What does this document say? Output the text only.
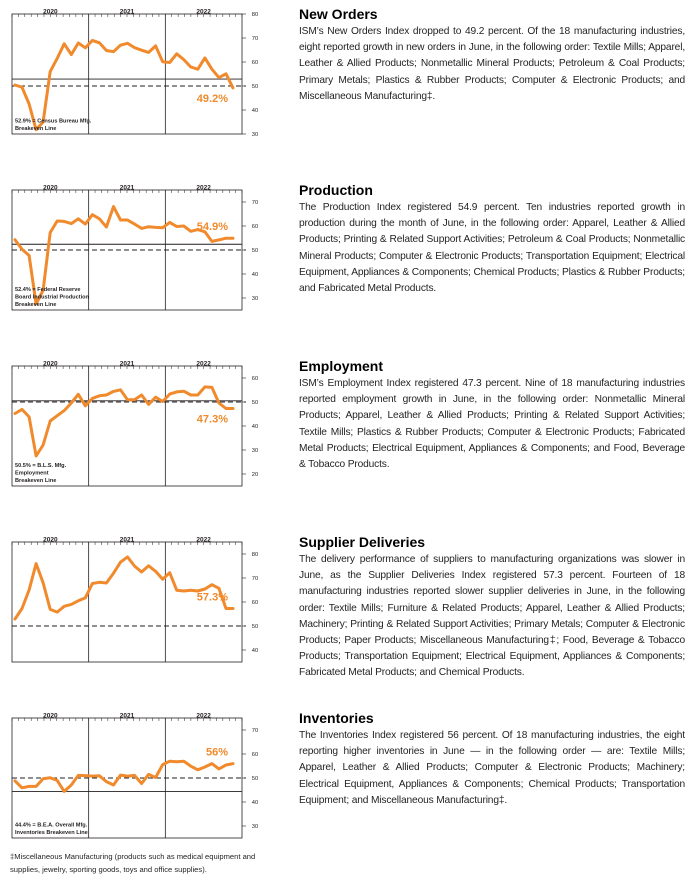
2020	2021	2022
30
40
50
60
70
80
49.2%
52.9% = Census Bureau Mfg.
Breakeven Line
New Orders

ISM’s New Orders Index dropped to 49.2 percent. Of the 18 manufacturing industries, eight reported growth in new orders in June, in the following order: Textile Mills; Apparel, Leather & Allied Products; Nonmetallic Mineral Products; Petroleum & Coal Products; Primary Metals; Plastics & Rubber Products; Computer & Electronic Products; and Miscellaneous Manufacturing‡.

2020	2021	2022
30
40
50
60
70
54.9%
52.4% = Federal Reserve
Board Industrial Production
Breakeven Line
Production

The Production Index registered 54.9 percent. Ten industries reported growth in production during the month of June, in the following order: Apparel, Leather & Allied Products; Printing & Related Support Activities; Petroleum & Coal Products; Nonmetallic Mineral Products; Computer & Electronic Products; Transportation Equipment; Electrical Equipment, Appliances & Components; Chemical Products; Plastics & Rubber Products; and Fabricated Metal Products.

2020	2021	2022
20
30
40
50
60
47.3%
50.5% = B.L.S. Mfg.
Employment
Breakeven Line
Employment

ISM’s Employment Index registered 47.3 percent. Nine of 18 manufacturing industries reported employment growth in June, in the following order: Nonmetallic Mineral Products; Apparel, Leather & Allied Products; Printing & Related Support Activities; Textile Mills; Plastics & Rubber Products; Computer & Electronic Products; Fabricated Metal Products; Electrical Equipment, Appliances & Components; and Food, Beverage & Tobacco Products.

2020	2021	2022
40
50
60
70
80
57.3%
Supplier Deliveries

The delivery performance of suppliers to manufacturing organizations was slower in June, as the Supplier Deliveries Index registered 57.3 percent. Fourteen of 18 manufacturing industries reported slower supplier deliveries in June, in the following order: Textile Mills; Furniture & Related Products; Apparel, Leather & Allied Products; Machinery; Printing & Related Support Activities; Primary Metals; Computer & Electronic Products; Paper Products; Miscellaneous Manufacturing‡; Food, Beverage & Tobacco Products; Transportation Equipment; Electrical Equipment, Appliances & Components; Fabricated Metal Products; and Chemical Products.

2020	2021	2022
30
40
50
60
70
56%
44.4% = B.E.A. Overall Mfg.
Inventories Breakeven Line
Inventories

The Inventories Index registered 56 percent. Of 18 manufacturing industries, the eight reporting higher inventories in June — in the following order — are: Textile Mills; Apparel, Leather & Allied Products; Computer & Electronic Products; Machinery; Electrical Equipment, Appliances & Components; Chemical Products; Transportation Equipment; and Miscellaneous Manufacturing‡.

‡Miscellaneous Manufacturing (products such as medical equipment and supplies, jewelry, sporting goods, toys and office supplies).
